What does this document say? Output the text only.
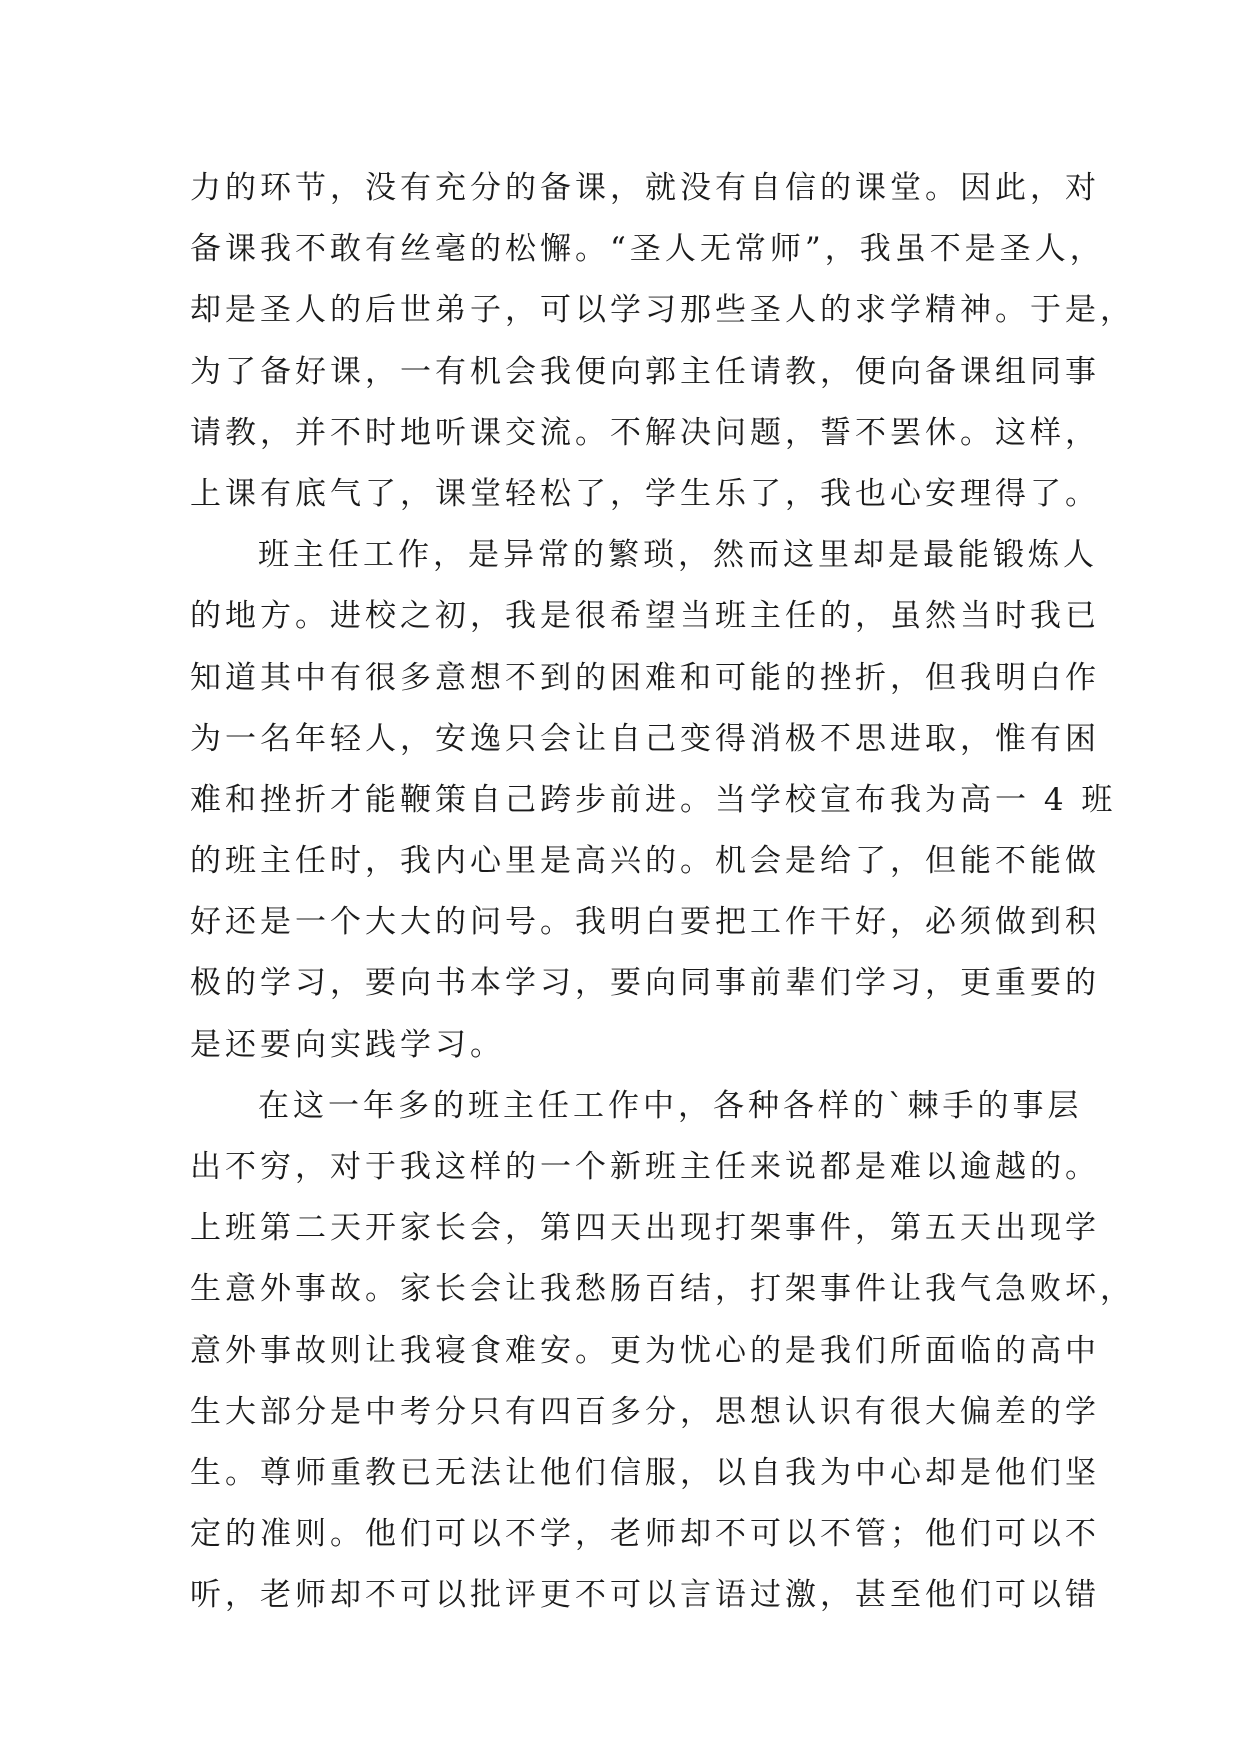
力的环节，没有充分的备课，就没有自信的课堂。因此，对
备课我不敢有丝毫的松懈。“圣人无常师”，我虽不是圣人，
却是圣人的后世弟子，可以学习那些圣人的求学精神。于是，
为了备好课，一有机会我便向郭主任请教，便向备课组同事
请教，并不时地听课交流。不解决问题，誓不罢休。这样，
上课有底气了，课堂轻松了，学生乐了，我也心安理得了。
班主任工作，是异常的繁琐，然而这里却是最能锻炼人
的地方。进校之初，我是很希望当班主任的，虽然当时我已
知道其中有很多意想不到的困难和可能的挫折，但我明白作
为一名年轻人，安逸只会让自己变得消极不思进取，惟有困
难和挫折才能鞭策自己跨步前进。当学校宣布我为高一 4 班
的班主任时，我内心里是高兴的。机会是给了，但能不能做
好还是一个大大的问号。我明白要把工作干好，必须做到积
极的学习，要向书本学习，要向同事前辈们学习，更重要的
是还要向实践学习。
在这一年多的班主任工作中，各种各样的`棘手的事层
出不穷，对于我这样的一个新班主任来说都是难以逾越的。
上班第二天开家长会，第四天出现打架事件，第五天出现学
生意外事故。家长会让我愁肠百结，打架事件让我气急败坏，
意外事故则让我寝食难安。更为忧心的是我们所面临的高中
生大部分是中考分只有四百多分，思想认识有很大偏差的学
生。尊师重教已无法让他们信服，以自我为中心却是他们坚
定的准则。他们可以不学，老师却不可以不管；他们可以不
听，老师却不可以批评更不可以言语过激，甚至他们可以错
